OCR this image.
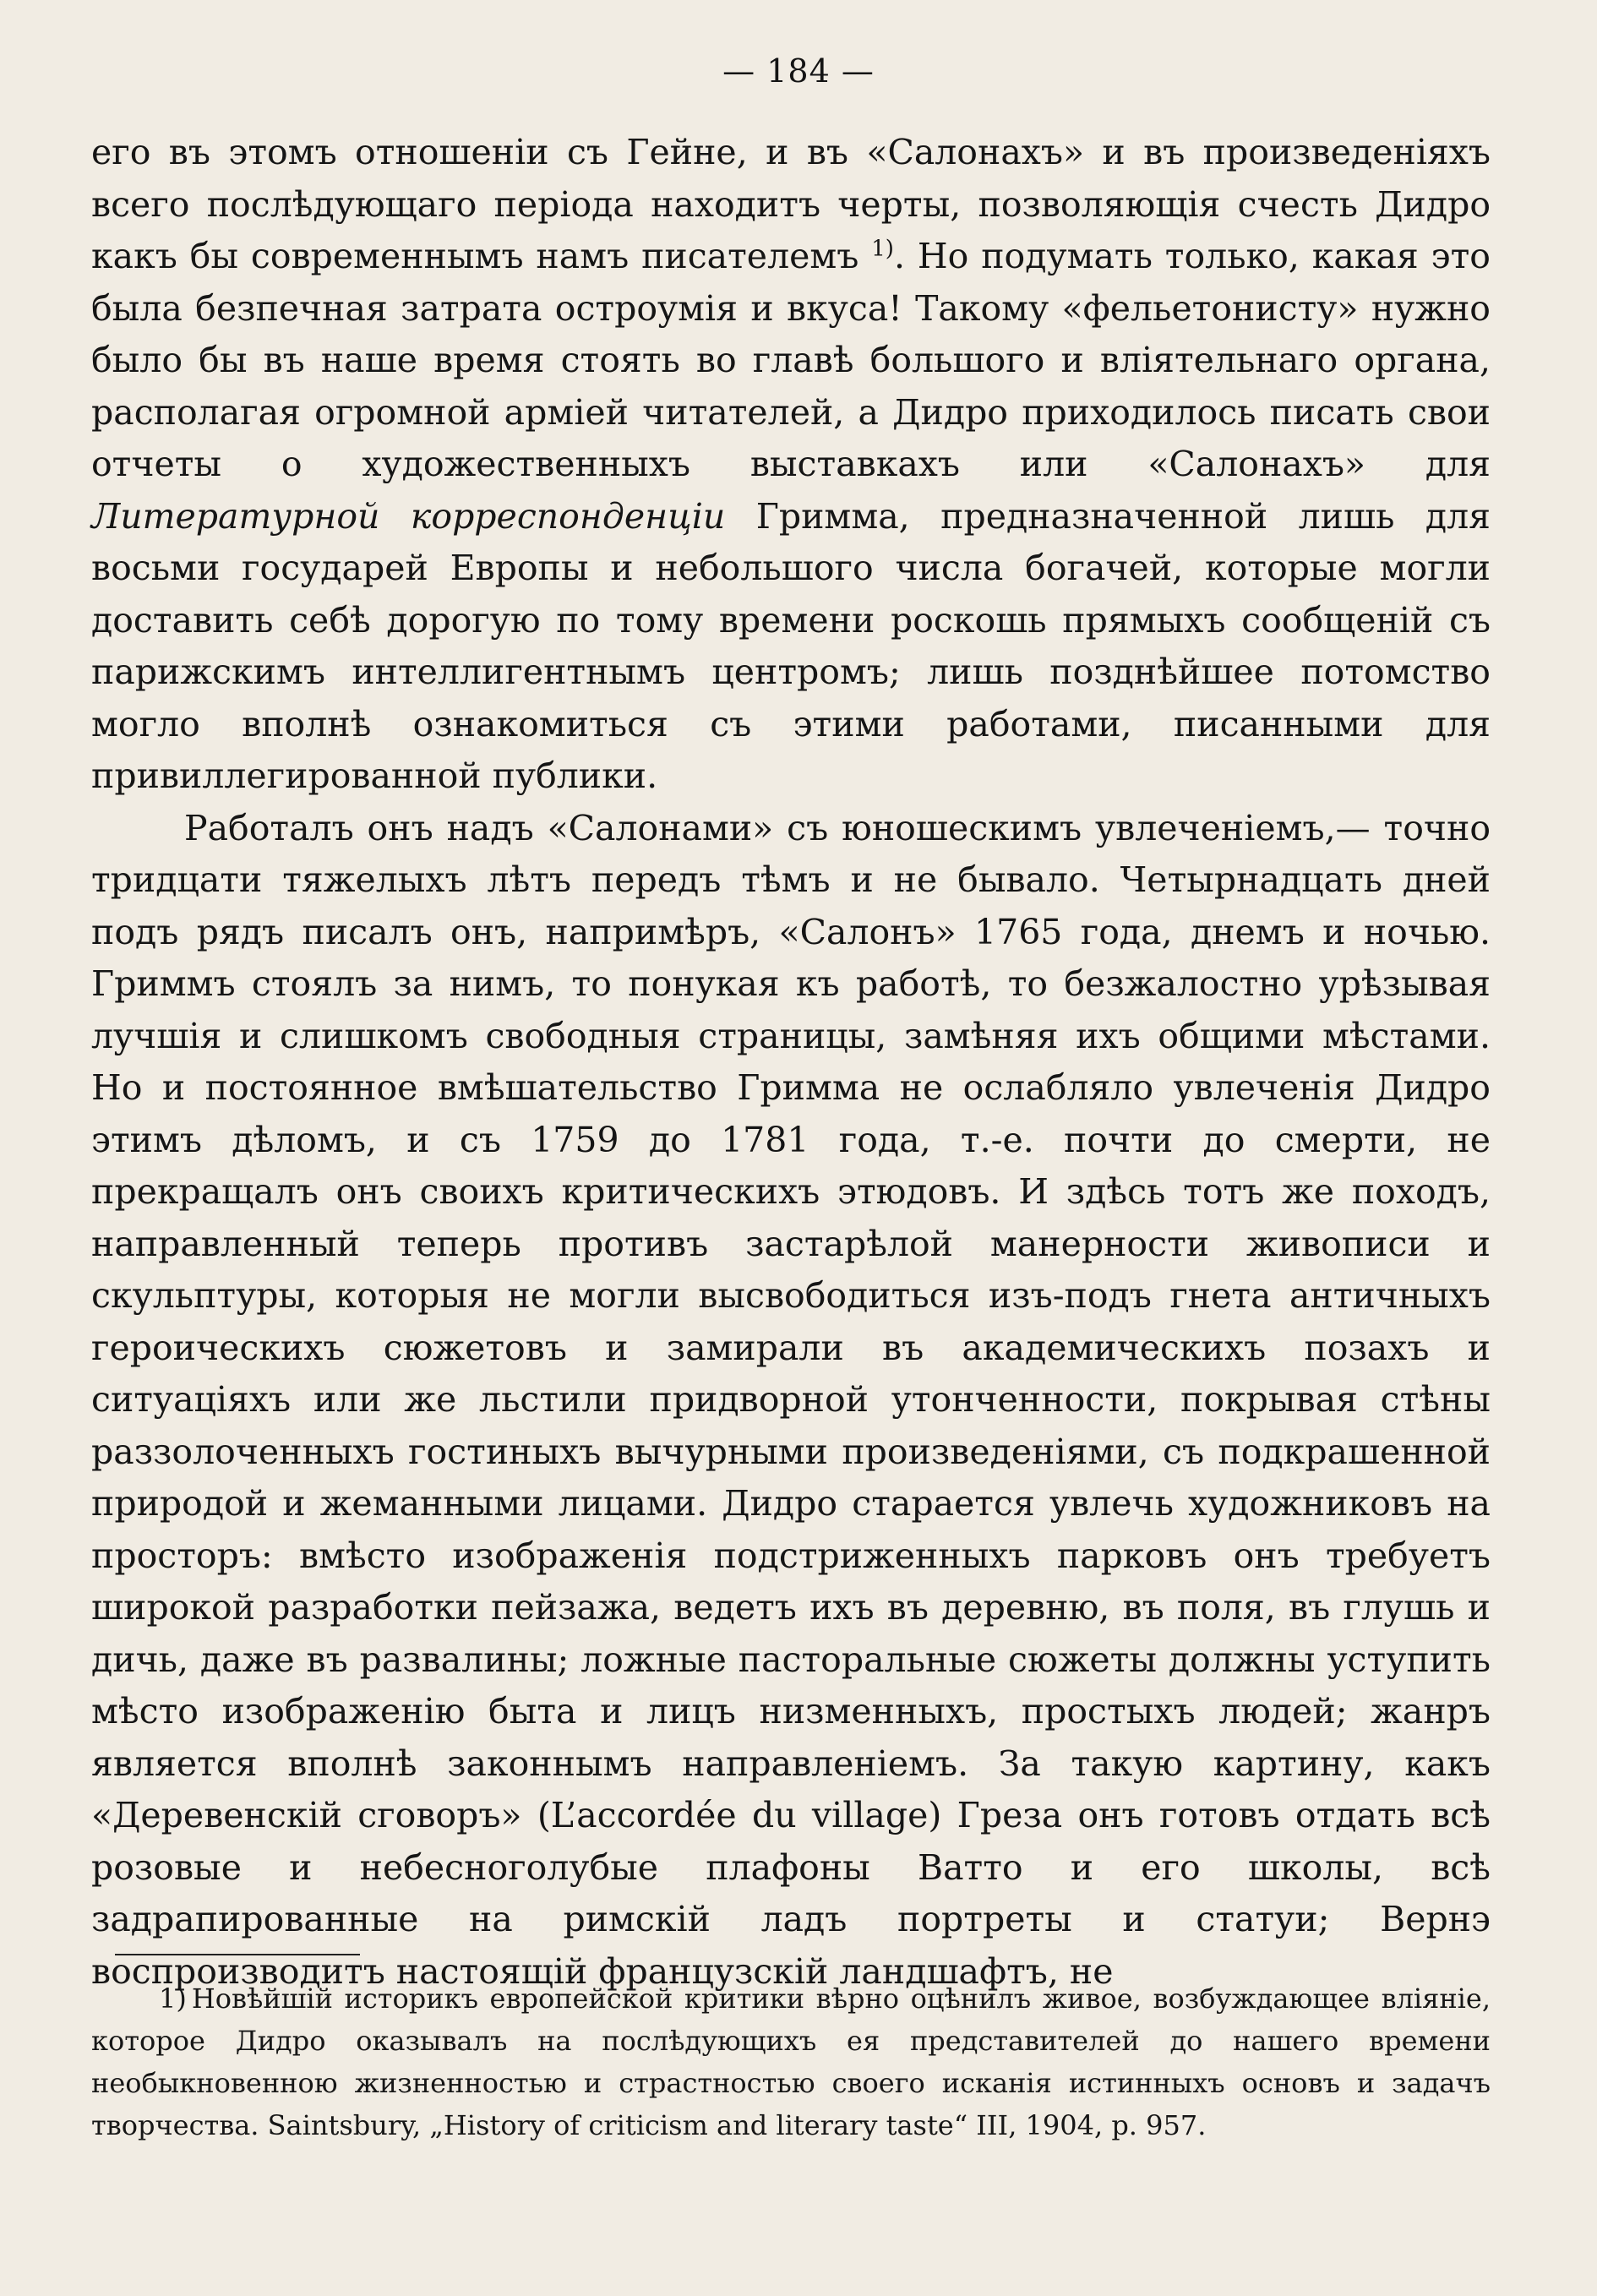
— 184 —

его въ этомъ отношенiи съ Гейне, и въ «Салонахъ» и въ произведенiяхъ всего послѣдующаго перiода находитъ черты, позволяющiя счесть Дидро какъ бы современнымъ намъ писателемъ $^{1)}$. Но подумать только, какая это была безпечная затрата остроумiя и вкуса! Такому «фельетонисту» нужно было бы въ наше время стоять во главѣ большого и влiятельнаго органа, располагая огромной армiей читателей, а Дидро приходилось писать свои отчеты о художественныхъ выставкахъ или «Салонахъ» для Литературной корреспонденцiи Гримма, предназначенной лишь для восьми государей Европы и небольшого числа богачей, которые могли доставить себѣ дорогую по тому времени роскошь прямыхъ сообщенiй съ парижскимъ интеллигентнымъ центромъ; лишь позднѣйшее потомство могло вполнѣ ознакомиться съ этими работами, писанными для привиллегированной публики.

Работалъ онъ надъ «Салонами» съ юношескимъ увлеченiемъ,— точно тридцати тяжелыхъ лѣтъ передъ тѣмъ и не бывало. Четырнадцать дней подъ рядъ писалъ онъ, напримѣръ, «Салонъ» 1765 года, днемъ и ночью. Гриммъ стоялъ за нимъ, то понукая къ работѣ, то безжалостно урѣзывая лучшiя и слишкомъ свободныя страницы, замѣняя ихъ общими мѣстами. Но и постоянное вмѣшательство Гримма не ослабляло увлеченiя Дидро этимъ дѣломъ, и съ 1759 до 1781 года, т.-е. почти до смерти, не прекращалъ онъ своихъ критическихъ этюдовъ. И здѣсь тотъ же походъ, направленный теперь противъ застарѣлой манерности живописи и скульптуры, которыя не могли высвободиться изъ-подъ гнета античныхъ героическихъ сюжетовъ и замирали въ академическихъ позахъ и ситуацiяхъ или же льстили придворной утонченности, покрывая стѣны раззолоченныхъ гостиныхъ вычурными произведенiями, съ подкрашенной природой и жеманными лицами. Дидро старается увлечь художниковъ на просторъ: вмѣсто изображенiя подстриженныхъ парковъ онъ требуетъ широкой разработки пейзажа, ведетъ ихъ въ деревню, въ поля, въ глушь и дичь, даже въ развалины; ложные пасторальные сюжеты должны уступить мѣсто изображенiю быта и лицъ низменныхъ, простыхъ людей; жанръ является вполнѣ законнымъ направленiемъ. За такую картину, какъ «Деревенскiй сговоръ» (L’accordée du village) Греза онъ готовъ отдать всѣ розовые и небесноголубые плафоны Ватто и его школы, всѣ задрапированные на римскiй ладъ портреты и статуи; Вернэ воспроизводитъ настоящiй французскiй ландшафтъ, не

1) Новѣйшiй историкъ европейской критики вѣрно оцѣнилъ живое, возбуждающее влiянiе, которое Дидро оказывалъ на послѣдующихъ ея представителей до нашего времени необыкновенною жизненностью и страстностью своего исканiя истинныхъ основъ и задачъ творчества. Saintsbury, „History of criticism and literary taste“ III, 1904, p. 957.
